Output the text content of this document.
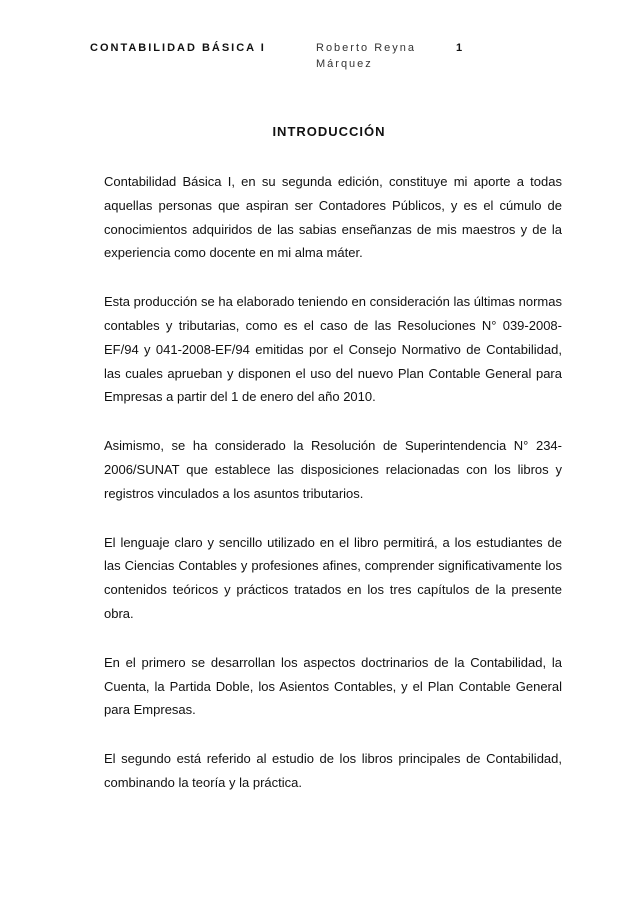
CONTABILIDAD BÁSICA I	Roberto Reyna Márquez
1
INTRODUCCIÓN

Contabilidad Básica I, en su segunda edición, constituye mi aporte a todas aquellas personas que aspiran ser Contadores Públicos, y es el cúmulo de conocimientos adquiridos de las sabias enseñanzas de mis maestros y de la experiencia como docente en mi alma máter.

Esta producción se ha elaborado teniendo en consideración las últimas normas contables y tributarias, como es el caso de las Resoluciones N° 039-2008-EF/94 y 041-2008-EF/94 emitidas por el Consejo Normativo de Contabilidad, las cuales aprueban y disponen el uso del nuevo Plan Contable General para Empresas a partir del 1 de enero del año 2010.

Asimismo, se ha considerado la Resolución de Superintendencia N° 234-2006/SUNAT que establece las disposiciones relacionadas con los libros y registros vinculados a los asuntos tributarios.

El lenguaje claro y sencillo utilizado en el libro permitirá, a los estudiantes de las Ciencias Contables y profesiones afines, comprender significativamente los contenidos teóricos y prácticos tratados en los tres capítulos de la presente obra.

En el primero se desarrollan los aspectos doctrinarios de la Contabilidad, la Cuenta, la Partida Doble, los Asientos Contables, y el Plan Contable General para Empresas.

El segundo está referido al estudio de los libros principales de Contabilidad, combinando la teoría y la práctica.
